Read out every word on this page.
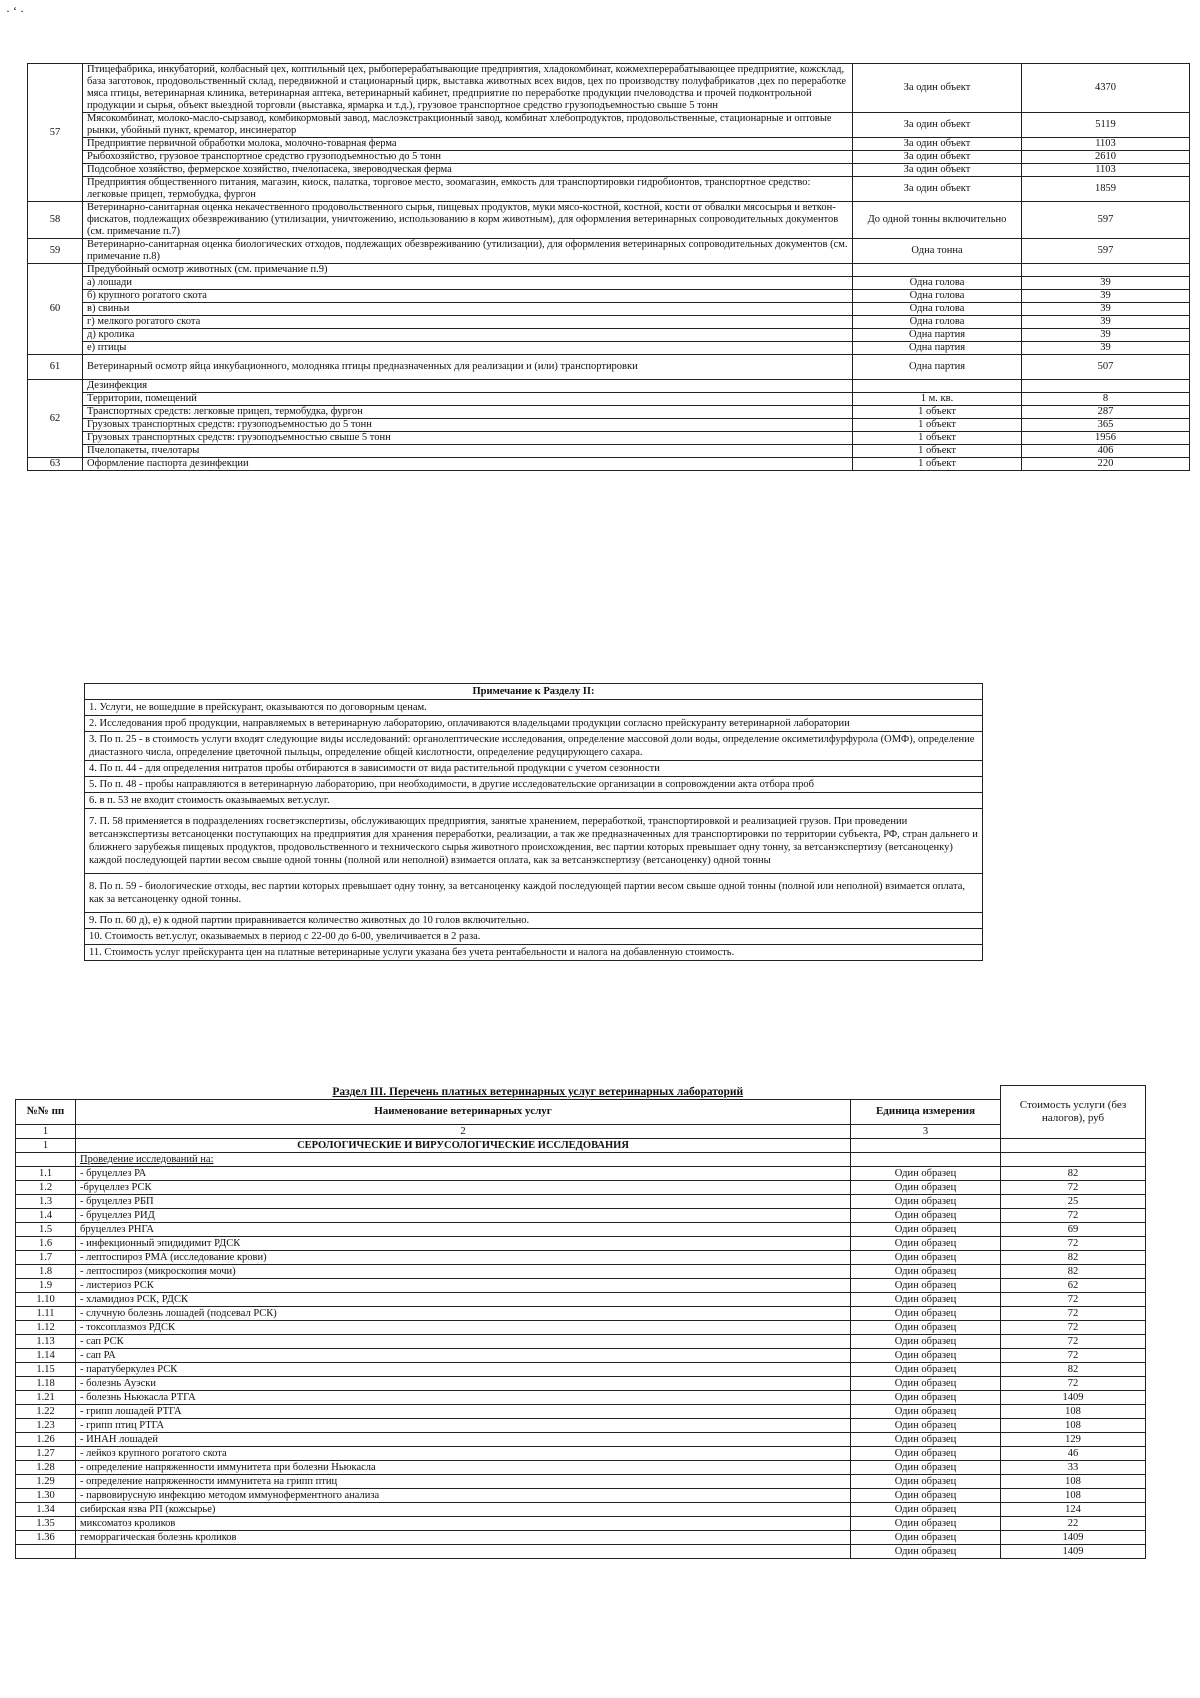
· ʻ ·
57	Птицефабрика, инкубаторий, колбасный цех, коптильный цех, рыбоперерабатывающие предприятия, хладокомбинат, кожмехперерабатывающее предприятие, кожсклад, база заготовок, продовольственный склад, передвижной и стационарный цирк, выставка животных всех видов, цех по производству полуфабрикатов ,цех по переработке мяса птицы, ветеринарная клиника, ветеринарная аптека, ветеринарный кабинет, предприятие по переработке продукции пчеловодства и прочей подконтрольной продукции и сырья, объект выездной торговли (выставка, ярмарка и т.д.), грузовое транспортное средство грузоподъемностью свыше 5 тонн	За один объект	4370
	Мясокомбинат, молоко-масло-сырзавод, комбикормовый завод, маслоэкстракционный завод, комбинат хлебопродуктов, продовольственные, стационарные и оптовые рынки, убойный пункт, крематор, инсинератор	За один объект	5119
	Предприятие первичной обработки молока, молочно-товарная ферма	За один объект	1103
	Рыбохозяйство, грузовое транспортное средство грузоподъемностью до 5 тонн	За один объект	2610
	Подсобное хозяйство, фермерское хозяйство, пчелопасека, звероводческая ферма	За один объект	1103
	Предприятия общественного питания, магазин, киоск, палатка, торговое место, зоомагазин, емкость для транспортировки гидробионтов, транспортное средство: легковые прицеп, термобудка, фургон	За один объект	1859
58	Ветеринарно-санитарная оценка некачественного продовольственного сырья, пищевых продуктов, муки мясо-костной, костной, кости от обвалки мясосырья и ветконфискатов, подлежащих обезвреживанию (утилизации, уничтожению, использованию в корм животным), для оформления ветеринарных сопроводительных документов (см. примечание п.7)	До одной тонны включительно	597
59	Ветеринарно-санитарная оценка биологических отходов, подлежащих обезвреживанию (утилизации), для оформления ветеринарных сопроводительных документов (см. примечание п.8)	Одна тонна	597
60	Предубойный осмотр животных (см. примечание п.9)		
	а) лошади	Одна голова	39
	б) крупного рогатого скота	Одна голова	39
	в) свиньи	Одна голова	39
	г) мелкого рогатого скота	Одна голова	39
	д) кролика	Одна партия	39
	е) птицы	Одна партия	39
61	Ветеринарный осмотр яйца инкубационного, молодняка птицы предназначенных для реализации и (или) транспортировки	Одна партия	507
62	Дезинфекция		
	Территории, помещений	1 м. кв.	8
	Транспортных средств: легковые прицеп, термобудка, фургон	1 объект	287
	Грузовых транспортных средств: грузоподъемностью до 5 тонн	1 объект	365
	Грузовых транспортных средств: грузоподъемностью свыше 5 тонн	1 объект	1956
	Пчелопакеты, пчелотары	1 объект	406
63	Оформление паспорта дезинфекции	1 объект	220
Примечание к Разделу II:
1. Услуги, не вошедшие в прейскурант, оказываются по договорным ценам.
2. Исследования проб продукции, направляемых в ветеринарную лабораторию, оплачиваются владельцами продукции согласно прейскуранту ветеринарной лаборатории
3. По п. 25 - в стоимость услуги входят следующие виды исследований: органолептические исследования, определение массовой доли воды, определение оксиметилфурфурола (ОМФ), определение диастазного числа, определение цветочной пыльцы, определение общей кислотности, определение редуцирующего сахара.
4. По п. 44 - для определения нитратов пробы отбираются в зависимости от вида растительной продукции с учетом сезонности
5. По п. 48 - пробы направляются в ветеринарную лабораторию, при необходимости, в другие исследовательские организации в сопровождении акта отбора проб
6. в п. 53 не входит стоимость оказываемых вет.услуг.
7. П. 58 применяется в подразделениях госветэкспертизы, обслуживающих предприятия, занятые хранением, переработкой, транспортировкой и реализацией грузов. При проведении ветсанэкспертизы ветсаноценки поступающих на предприятия для хранения переработки, реализации, а так же предназначенных для транспортировки по территории субъекта, РФ, стран дальнего и ближнего зарубежья пищевых продуктов, продовольственного и технического сырья животного происхождения, вес партии которых превышает одну тонну, за ветсанэкспертизу (ветсаноценку) каждой последующей партии весом свыше одной тонны (полной или неполной) взимается оплата, как за ветсанэкспертизу (ветсаноценку) одной тонны
8. По п. 59 - биологические отходы, вес партии которых превышает одну тонну, за ветсаноценку каждой последующей партии весом свыше одной тонны (полной или неполной) взимается оплата, как за ветсаноценку одной тонны.
9. По п. 60 д), е) к одной партии приравнивается количество животных до 10 голов включительно.
10. Стоимость вет.услуг, оказываемых в период с 22-00 до 6-00, увеличивается в 2 раза.
11. Стоимость услуг прейскуранта цен на платные ветеринарные услуги указана без учета рентабельности и налога на добавленную стоимость.
	Раздел III. Перечень платных ветеринарных услуг ветеринарных лабораторий		Стоимость услуги (без налогов), руб
№№ пп	Наименование ветеринарных услуг	Единица измерения	
1	2	3	
1	СЕРОЛОГИЧЕСКИЕ И ВИРУСОЛОГИЧЕСКИЕ ИССЛЕДОВАНИЯ		
	Проведение исследований на:		
1.1	- бруцеллез РА	Один образец	82
1.2	-бруцеллез РСК	Один образец	72
1.3	- бруцеллез РБП	Один образец	25
1.4	- бруцеллез РИД	Один образец	72
1.5	бруцеллез РНГА	Один образец	69
1.6	- инфекционный эпидидимит РДСК	Один образец	72
1.7	- лептоспироз РМА (исследование крови)	Один образец	82
1.8	- лептоспироз (микроскопия мочи)	Один образец	82
1.9	- листериоз РСК	Один образец	62
1.10	- хламидиоз РСК, РДСК	Один образец	72
1.11	- случную болезнь лошадей (подсевал РСК)	Один образец	72
1.12	- токсоплазмоз РДСК	Один образец	72
1.13	- сап РСК	Один образец	72
1.14	- сап РА	Один образец	72
1.15	- паратуберкулез РСК	Один образец	82
1.18	- болезнь Ауэски	Один образец	72
1.21	- болезнь Ньюкасла РТГА	Один образец	1409
1.22	- грипп лошадей РТГА	Один образец	108
1.23	- грипп птиц РТГА	Один образец	108
1.26	- ИНАН лошадей	Один образец	129
1.27	- лейкоз крупного рогатого скота	Один образец	46
1.28	- определение напряженности иммунитета при болезни Ньюкасла	Один образец	33
1.29	- определение напряженности иммунитета на грипп птиц	Один образец	108
1.30	- парвовирусную инфекцию методом иммуноферментного анализа	Один образец	108
1.34	сибирская язва РП (кожсырье)	Один образец	124
1.35	миксоматоз кроликов	Один образец	22
1.36	геморрагическая болезнь кроликов	Один образец	1409
		Один образец	1409
